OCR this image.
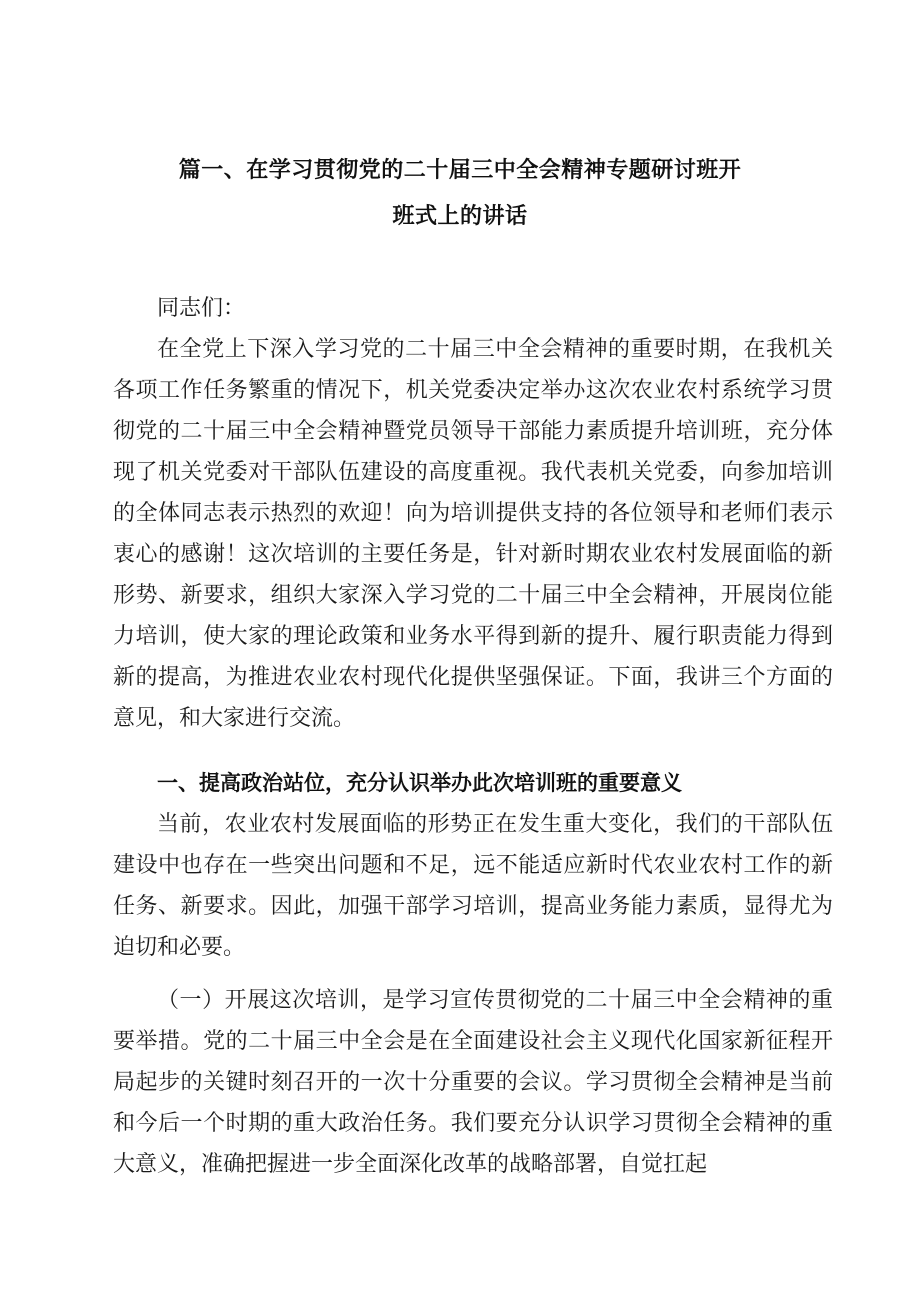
篇一、在学习贯彻党的二十届三中全会精神专题研讨班开
班式上的讲话

同志们：

在全党上下深入学习党的二十届三中全会精神的重要时期，在我机关各项工作任务繁重的情况下，机关党委决定举办这次农业农村系统学习贯彻党的二十届三中全会精神暨党员领导干部能力素质提升培训班，充分体现了机关党委对干部队伍建设的高度重视。我代表机关党委，向参加培训的全体同志表示热烈的欢迎！向为培训提供支持的各位领导和老师们表示衷心的感谢！这次培训的主要任务是，针对新时期农业农村发展面临的新形势、新要求，组织大家深入学习党的二十届三中全会精神，开展岗位能力培训，使大家的理论政策和业务水平得到新的提升、履行职责能力得到新的提高，为推进农业农村现代化提供坚强保证。下面，我讲三个方面的意见，和大家进行交流。

一、提高政治站位，充分认识举办此次培训班的重要意义

当前，农业农村发展面临的形势正在发生重大变化，我们的干部队伍建设中也存在一些突出问题和不足，远不能适应新时代农业农村工作的新任务、新要求。因此，加强干部学习培训，提高业务能力素质，显得尤为迫切和必要。

（一）开展这次培训，是学习宣传贯彻党的二十届三中全会精神的重要举措。党的二十届三中全会是在全面建设社会主义现代化国家新征程开局起步的关键时刻召开的一次十分重要的会议。学习贯彻全会精神是当前和今后一个时期的重大政治任务。我们要充分认识学习贯彻全会精神的重大意义，准确把握进一步全面深化改革的战略部署，自觉扛起
